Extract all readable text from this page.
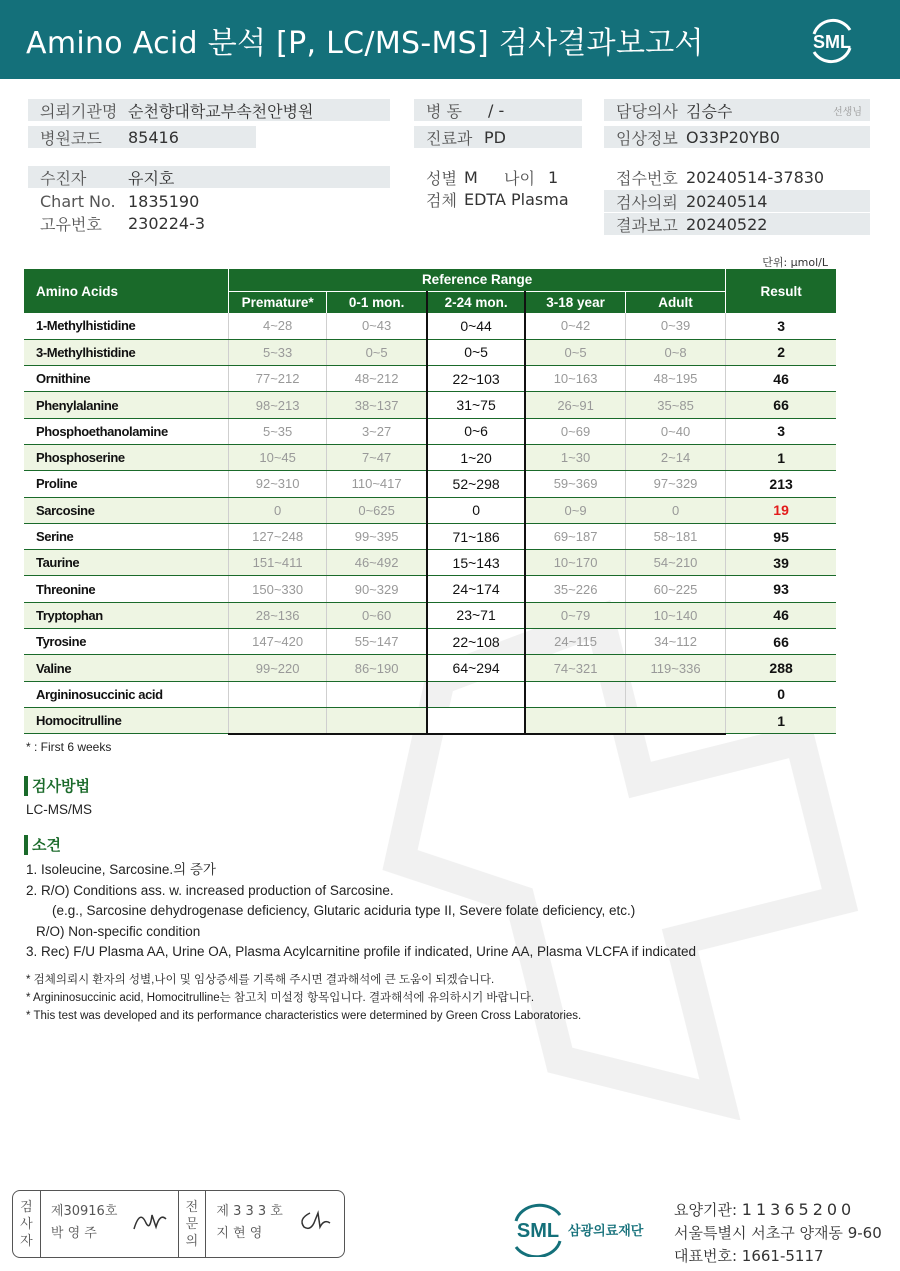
Amino Acid 분석 [P, LC/MS-MS] 검사결과보고서	SML
의뢰기관명 순천향대학교부속천안병원
병원코드 85416
병 동 / -
진료과 PD
담당의사 김승수	선생님
임상정보 O33P20YB0
수진자	유지호
Chart No. 1835190
고유번호 230224-3
성별 M 나이 1
검체 EDTA Plasma
접수번호 20240514-37830
검사의뢰 20240514
결과보고 20240522
단위: μmol/L
Amino Acids	Reference Range					Result
	Premature*	0-1 mon.	2-24 mon.	3-18 year	Adult	
1-Methylhistidine	4~28	0~43	0~44	0~42	0~39	3
3-Methylhistidine	5~33	0~5	0~5	0~5	0~8	2
Ornithine	77~212	48~212	22~103	10~163	48~195	46
Phenylalanine	98~213	38~137	31~75	26~91	35~85	66
Phosphoethanolamine	5~35	3~27	0~6	0~69	0~40	3
Phosphoserine	10~45	7~47	1~20	1~30	2~14	1
Proline	92~310	110~417	52~298	59~369	97~329	213
Sarcosine	0	0~625	0	0~9	0	19
Serine	127~248	99~395	71~186	69~187	58~181	95
Taurine	151~411	46~492	15~143	10~170	54~210	39
Threonine	150~330	90~329	24~174	35~226	60~225	93
Tryptophan	28~136	0~60	23~71	0~79	10~140	46
Tyrosine	147~420	55~147	22~108	24~115	34~112	66
Valine	99~220	86~190	64~294	74~321	119~336	288
Argininosuccinic acid						0
Homocitrulline						1
* : First 6 weeks
검사방법
LC-MS/MS
소견
1. Isoleucine, Sarcosine.의 증가
2. R/O) Conditions ass. w. increased production of Sarcosine.
(e.g., Sarcosine dehydrogenase deficiency, Glutaric aciduria type II, Severe folate deficiency, etc.)
R/O) Non-specific condition
3. Rec) F/U Plasma AA, Urine OA, Plasma Acylcarnitine profile if indicated, Urine AA, Plasma VLCFA if indicated
* 검체의뢰시 환자의 성별,나이 및 임상증세를 기록해 주시면 결과해석에 큰 도움이 되겠습니다.
* Argininosuccinic acid, Homocitrulline는 참고치 미설정 항목입니다. 결과해석에 유의하시기 바랍니다.
* This test was developed and its performance characteristics were determined by Green Cross Laboratories.
검
사
자
제30916호
박 영 주
전
문
의
제 3 3 3 호
지 현 영	SML 삼광의료재단
요양기관: 11365200
서울특별시 서초구 양재동 9-60
대표번호: 1661-5117
